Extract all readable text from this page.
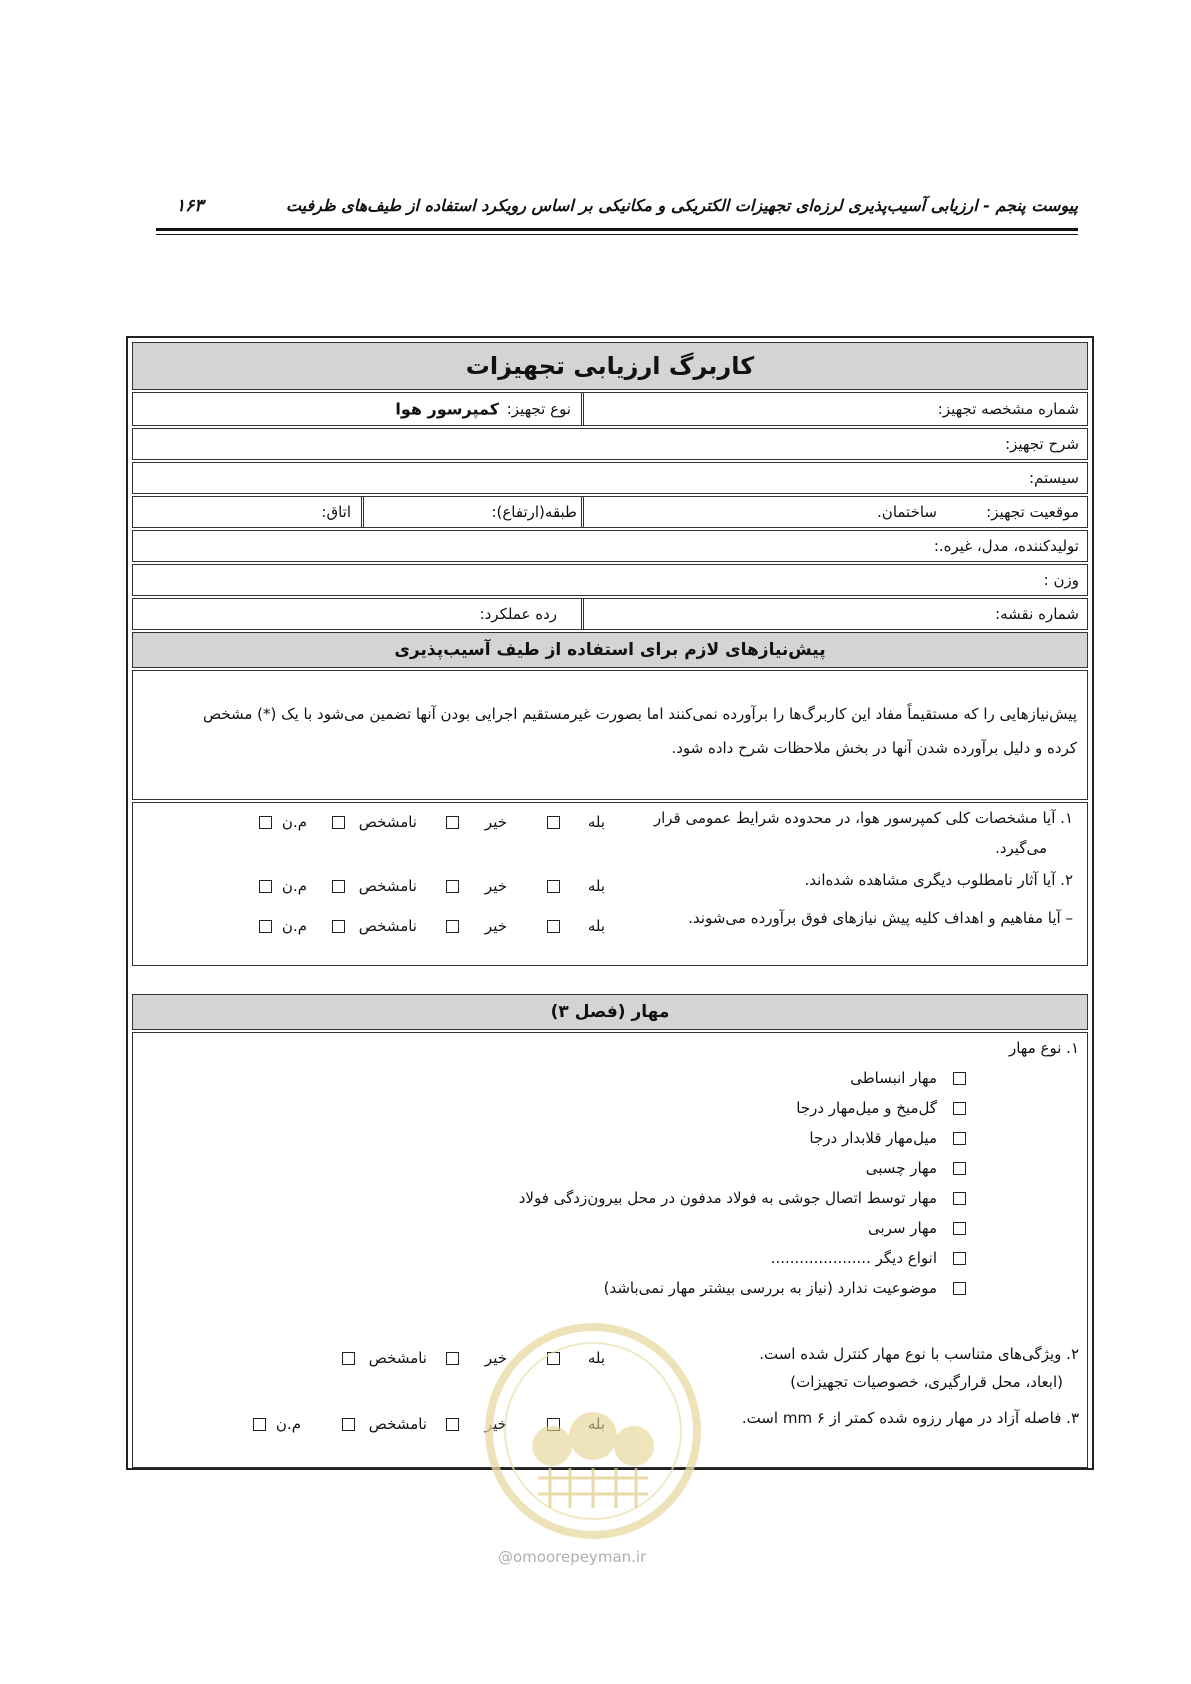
پیوست پنجم - ارزیابی آسیب‌پذیری لرزه‌ای تجهیزات الکتریکی و مکانیکی بر اساس رویکرد استفاده از طیف‌های ظرفیت
۱۶۳
کاربرگ ارزیابی تجهیزات
شماره مشخصه تجهیز:
نوع تجهیز:
کمپرسور هوا
شرح تجهیز:
سیستم:
موقعیت تجهیز:
ساختمان.
طبقه(ارتفاع):
اتاق:
تولیدکننده، مدل، غیره.:
وزن :
شماره نقشه:
رده عملکرد:
پیش‌نیازهای لازم برای استفاده از طیف آسیب‌پذیری
پیش‌نیازهایی را که مستقیماً مفاد این کاربرگ‌ها را برآورده نمی‌کنند اما بصورت غیرمستقیم اجرایی بودن آنها تضمین می‌شود با یک (*) مشخص
کرده و دلیل برآورده شدن آنها در بخش ملاحظات شرح داده شود.
۱. آیا مشخصات کلی کمپرسور هوا، در محدوده شرایط عمومی قرار
می‌گیرد.
بله
خیر
نامشخص
م.ن
۲. آیا آثار نامطلوب دیگری مشاهده شده‌اند.
بله
خیر
نامشخص
م.ن
– آیا مفاهیم و اهداف کلیه پیش نیازهای فوق برآورده می‌شوند.
بله
خیر
نامشخص
م.ن
مهار (فصل ۳)
۱. نوع مهار
مهار انبساطی
گل‌میخ و میل‌مهار درجا
میل‌مهار قلابدار درجا
مهار چسبی
مهار توسط اتصال جوشی به فولاد مدفون در محل بیرون‌زدگی فولاد
مهار سربی
انواع دیگر .....................
موضوعیت ندارد (نیاز به بررسی بیشتر مهار نمی‌باشد)
۲. ویژگی‌های متناسب با نوع مهار کنترل شده است.
(ابعاد، محل قرارگیری، خصوصیات تجهیزات)
بله
خیر
نامشخص
۳. فاصله آزاد در مهار رزوه شده کمتر از ۶ mm است.
خیر
نامشخص
م.ن
@omoorepeyman.ir
